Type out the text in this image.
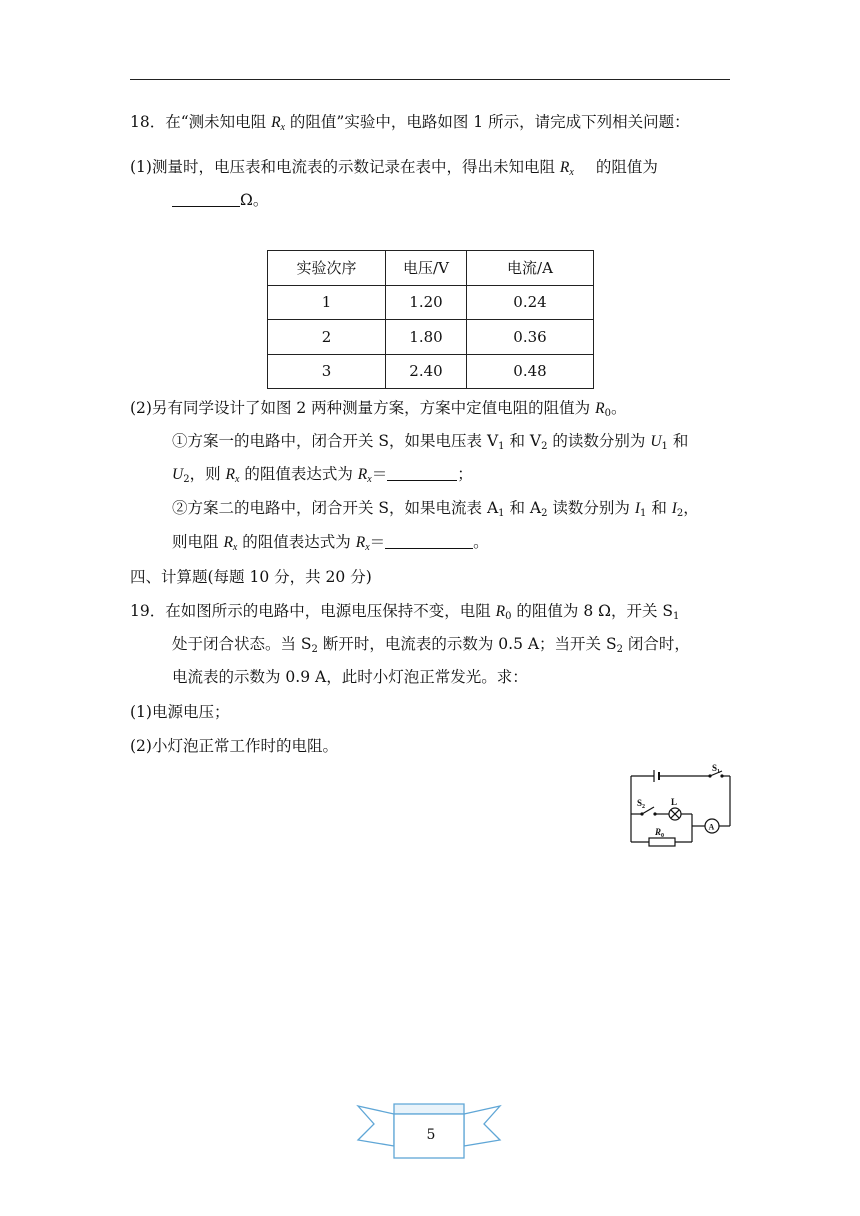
18．在“测未知电阻 $R_x$ 的阻值”实验中，电路如图 1 所示，请完成下列相关问题：
(1)测量时，电压表和电流表的示数记录在表中，得出未知电阻 $R_x$ 的阻值为
Ω。
实验次序	电压/V	电流/A
1	1.20	0.24
2	1.80	0.36
3	2.40	0.48
(2)另有同学设计了如图 2 两种测量方案，方案中定值电阻的阻值为 $R_0$。
①方案一的电路中，闭合开关 S，如果电压表 $V_1$ 和 $V_2$ 的读数分别为 $U_1$ 和
$U_2$，则 $R_x$ 的阻值表达式为 $R_x=$	；
②方案二的电路中，闭合开关 S，如果电流表 $A_1$ 和 $A_2$ 读数分别为 $I_1$ 和 $I_2$，
则电阻 $R_x$ 的阻值表达式为 $R_x=$	。
四、计算题(每题 10 分，共 20 分)
19．在如图所示的电路中，电源电压保持不变，电阻 $R_0$ 的阻值为 8 Ω，开关 $S_1$
处于闭合状态。当 $S_2$ 断开时，电流表的示数为 0.5 A；当开关 $S_2$ 闭合时，
电流表的示数为 0.9 A，此时小灯泡正常发光。求：
(1)电源电压；
(2)小灯泡正常工作时的电阻。
$S_1$
$S_2$	L
$R_0$
A
5
